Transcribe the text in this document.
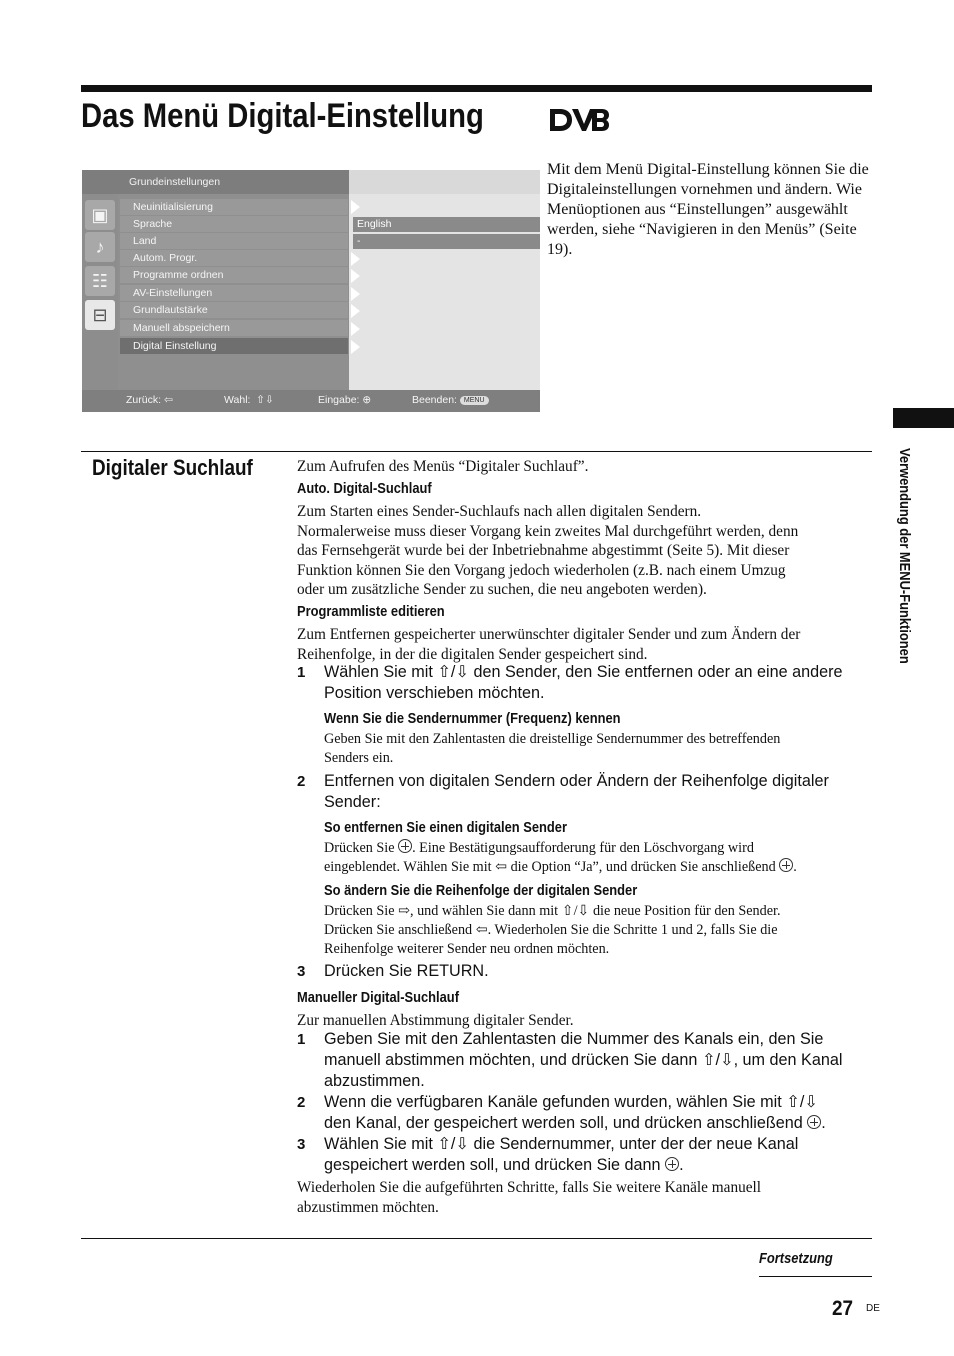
Das Menü Digital-Einstellung
Grundeinstellungen
▣
♪
☷
⊟
Neuinitialisierung
Sprache
Land
Autom. Progr.
Programme ordnen
AV-Einstellungen
Grundlautstärke
Manuell abspeichern
Digital Einstellung
English
-
Zurück: ⇦	Wahl: ⇧⇩	Eingabe: ⊕	Beenden: MENU
Mit dem Menü Digital-Einstellung können Sie die Digitaleinstellungen vornehmen und ändern. Wie Menüoptionen aus “Einstellungen” ausgewählt werden, siehe “Navigieren in den Menüs” (Seite 19).
Digitaler Suchlauf	Zum Aufrufen des Menüs “Digitaler Suchlauf”.
Auto. Digital-Suchlauf
Zum Starten eines Sender-Suchlaufs nach allen digitalen Sendern.
Normalerweise muss dieser Vorgang kein zweites Mal durchgeführt werden, denn
das Fernsehgerät wurde bei der Inbetriebnahme abgestimmt (Seite 5). Mit dieser
Funktion können Sie den Vorgang jedoch wiederholen (z.B. nach einem Umzug
oder um zusätzliche Sender zu suchen, die neu angeboten werden).
Programmliste editieren
Zum Entfernen gespeicherter unerwünschter digitaler Sender und zum Ändern der
Reihenfolge, in der die digitalen Sender gespeichert sind.
1 Wählen Sie mit ⇧/⇩ den Sender, den Sie entfernen oder an eine andere
Position verschieben möchten.
Wenn Sie die Sendernummer (Frequenz) kennen
Geben Sie mit den Zahlentasten die dreistellige Sendernummer des betreffenden
Senders ein.
2 Entfernen von digitalen Sendern oder Ändern der Reihenfolge digitaler
Sender:
So entfernen Sie einen digitalen Sender
Drücken Sie . Eine Bestätigungsaufforderung für den Löschvorgang wird
eingeblendet. Wählen Sie mit ⇦ die Option “Ja”, und drücken Sie anschließend .
So ändern Sie die Reihenfolge der digitalen Sender
Drücken Sie ⇨, und wählen Sie dann mit ⇧/⇩ die neue Position für den Sender.
Drücken Sie anschließend ⇦. Wiederholen Sie die Schritte 1 und 2, falls Sie die
Reihenfolge weiterer Sender neu ordnen möchten.
3 Drücken Sie RETURN.
Manueller Digital-Suchlauf
Zur manuellen Abstimmung digitaler Sender.
1 Geben Sie mit den Zahlentasten die Nummer des Kanals ein, den Sie
manuell abstimmen möchten, und drücken Sie dann ⇧/⇩, um den Kanal
abzustimmen.
2 Wenn die verfügbaren Kanäle gefunden wurden, wählen Sie mit ⇧/⇩
den Kanal, der gespeichert werden soll, und drücken anschließend .
3 Wählen Sie mit ⇧/⇩ die Sendernummer, unter der der neue Kanal
gespeichert werden soll, und drücken Sie dann .
Wiederholen Sie die aufgeführten Schritte, falls Sie weitere Kanäle manuell
abzustimmen möchten.
Verwendung der MENU-Funktionen
Fortsetzung
27 DE
